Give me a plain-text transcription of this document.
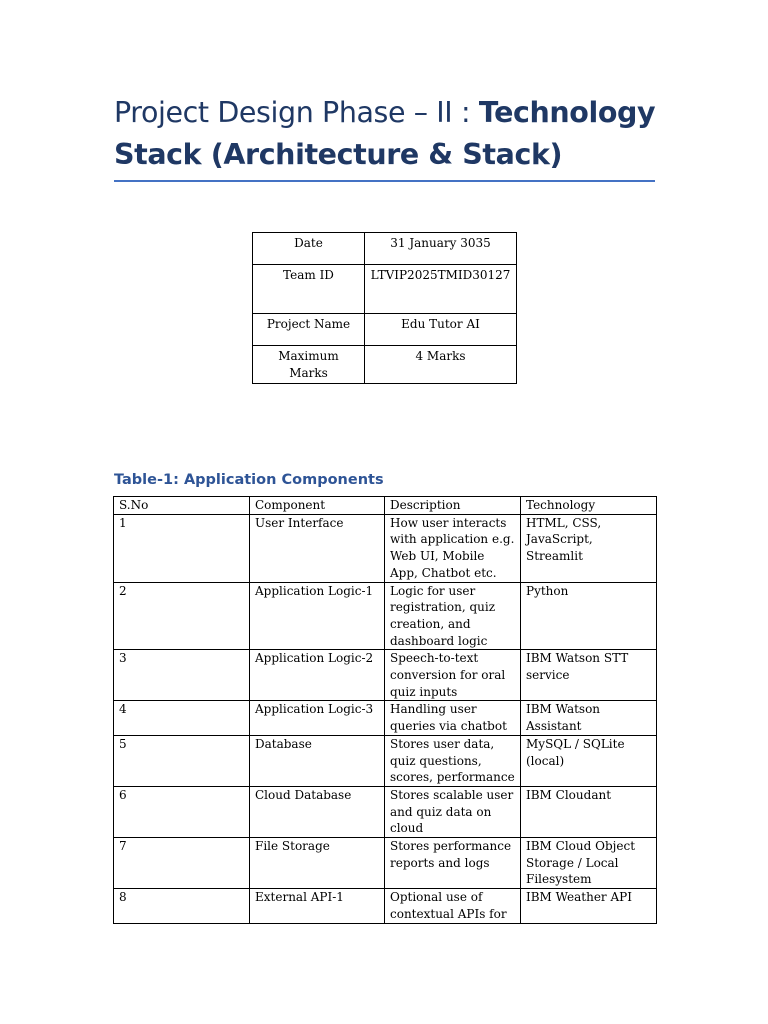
Project Design Phase – II : Technology Stack (Architecture & Stack)
Date	31 January 3035
Team ID	LTVIP2025TMID30127
Project Name	Edu Tutor AI
Maximum Marks	4 Marks
Table-1: Application Components
S.No	Component	Description	Technology
1	User Interface	How user interacts with application e.g. Web UI, Mobile App, Chatbot etc.	HTML, CSS, JavaScript, Streamlit
2	Application Logic-1	Logic for user registration, quiz creation, and dashboard logic	Python
3	Application Logic-2	Speech-to-text conversion for oral quiz inputs	IBM Watson STT service
4	Application Logic-3	Handling user queries via chatbot	IBM Watson Assistant
5	Database	Stores user data, quiz questions, scores, performance	MySQL / SQLite (local)
6	Cloud Database	Stores scalable user and quiz data on cloud	IBM Cloudant
7	File Storage	Stores performance reports and logs	IBM Cloud Object Storage / Local Filesystem
8	External API-1	Optional use of contextual APIs for	IBM Weather API
